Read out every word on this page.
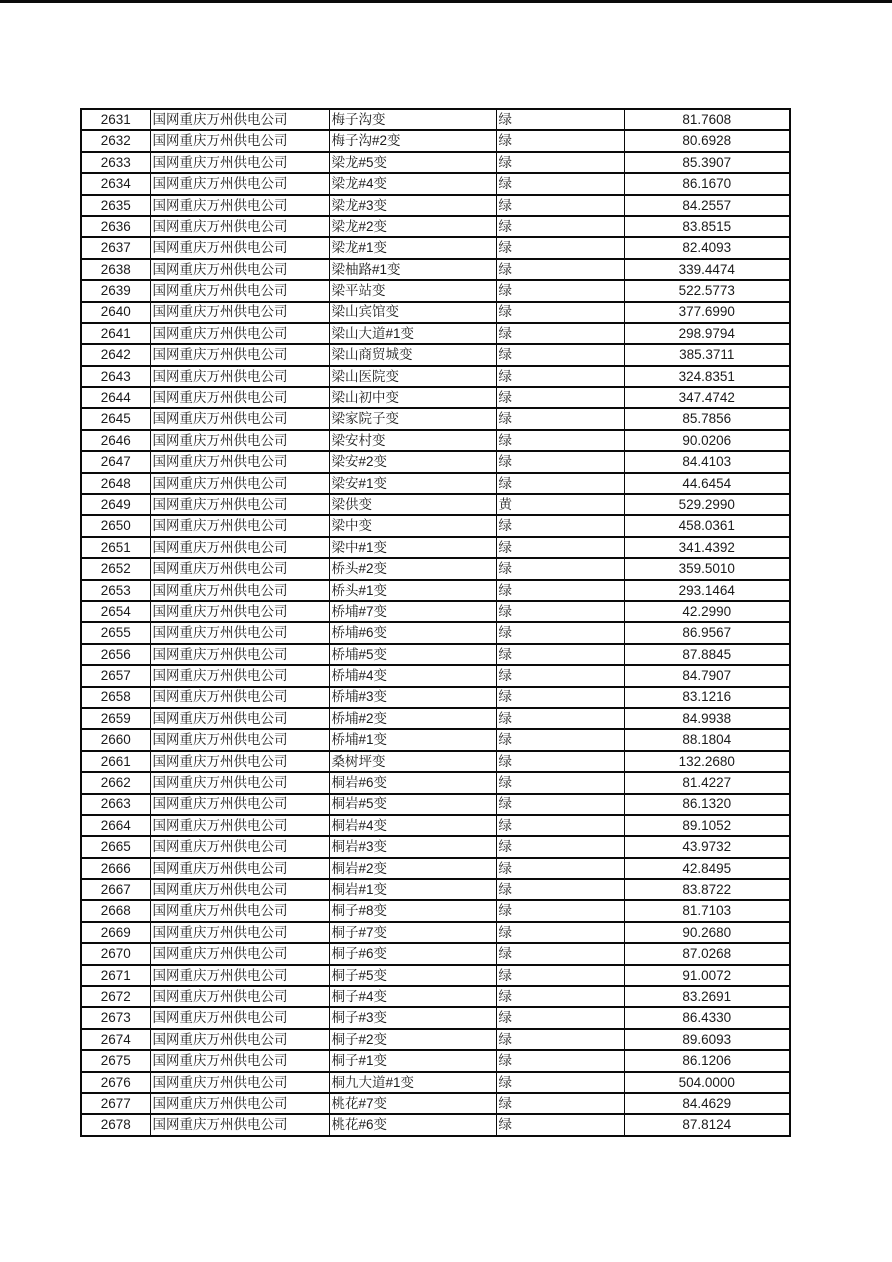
2631	国网重庆万州供电公司	梅子沟变	绿	81.7608
2632	国网重庆万州供电公司	梅子沟#2变	绿	80.6928
2633	国网重庆万州供电公司	梁龙#5变	绿	85.3907
2634	国网重庆万州供电公司	梁龙#4变	绿	86.1670
2635	国网重庆万州供电公司	梁龙#3变	绿	84.2557
2636	国网重庆万州供电公司	梁龙#2变	绿	83.8515
2637	国网重庆万州供电公司	梁龙#1变	绿	82.4093
2638	国网重庆万州供电公司	梁柚路#1变	绿	339.4474
2639	国网重庆万州供电公司	梁平站变	绿	522.5773
2640	国网重庆万州供电公司	梁山宾馆变	绿	377.6990
2641	国网重庆万州供电公司	梁山大道#1变	绿	298.9794
2642	国网重庆万州供电公司	梁山商贸城变	绿	385.3711
2643	国网重庆万州供电公司	梁山医院变	绿	324.8351
2644	国网重庆万州供电公司	梁山初中变	绿	347.4742
2645	国网重庆万州供电公司	梁家院子变	绿	85.7856
2646	国网重庆万州供电公司	梁安村变	绿	90.0206
2647	国网重庆万州供电公司	梁安#2变	绿	84.4103
2648	国网重庆万州供电公司	梁安#1变	绿	44.6454
2649	国网重庆万州供电公司	梁供变	黄	529.2990
2650	国网重庆万州供电公司	梁中变	绿	458.0361
2651	国网重庆万州供电公司	梁中#1变	绿	341.4392
2652	国网重庆万州供电公司	桥头#2变	绿	359.5010
2653	国网重庆万州供电公司	桥头#1变	绿	293.1464
2654	国网重庆万州供电公司	桥埔#7变	绿	42.2990
2655	国网重庆万州供电公司	桥埔#6变	绿	86.9567
2656	国网重庆万州供电公司	桥埔#5变	绿	87.8845
2657	国网重庆万州供电公司	桥埔#4变	绿	84.7907
2658	国网重庆万州供电公司	桥埔#3变	绿	83.1216
2659	国网重庆万州供电公司	桥埔#2变	绿	84.9938
2660	国网重庆万州供电公司	桥埔#1变	绿	88.1804
2661	国网重庆万州供电公司	桑树坪变	绿	132.2680
2662	国网重庆万州供电公司	桐岩#6变	绿	81.4227
2663	国网重庆万州供电公司	桐岩#5变	绿	86.1320
2664	国网重庆万州供电公司	桐岩#4变	绿	89.1052
2665	国网重庆万州供电公司	桐岩#3变	绿	43.9732
2666	国网重庆万州供电公司	桐岩#2变	绿	42.8495
2667	国网重庆万州供电公司	桐岩#1变	绿	83.8722
2668	国网重庆万州供电公司	桐子#8变	绿	81.7103
2669	国网重庆万州供电公司	桐子#7变	绿	90.2680
2670	国网重庆万州供电公司	桐子#6变	绿	87.0268
2671	国网重庆万州供电公司	桐子#5变	绿	91.0072
2672	国网重庆万州供电公司	桐子#4变	绿	83.2691
2673	国网重庆万州供电公司	桐子#3变	绿	86.4330
2674	国网重庆万州供电公司	桐子#2变	绿	89.6093
2675	国网重庆万州供电公司	桐子#1变	绿	86.1206
2676	国网重庆万州供电公司	桐九大道#1变	绿	504.0000
2677	国网重庆万州供电公司	桃花#7变	绿	84.4629
2678	国网重庆万州供电公司	桃花#6变	绿	87.8124
